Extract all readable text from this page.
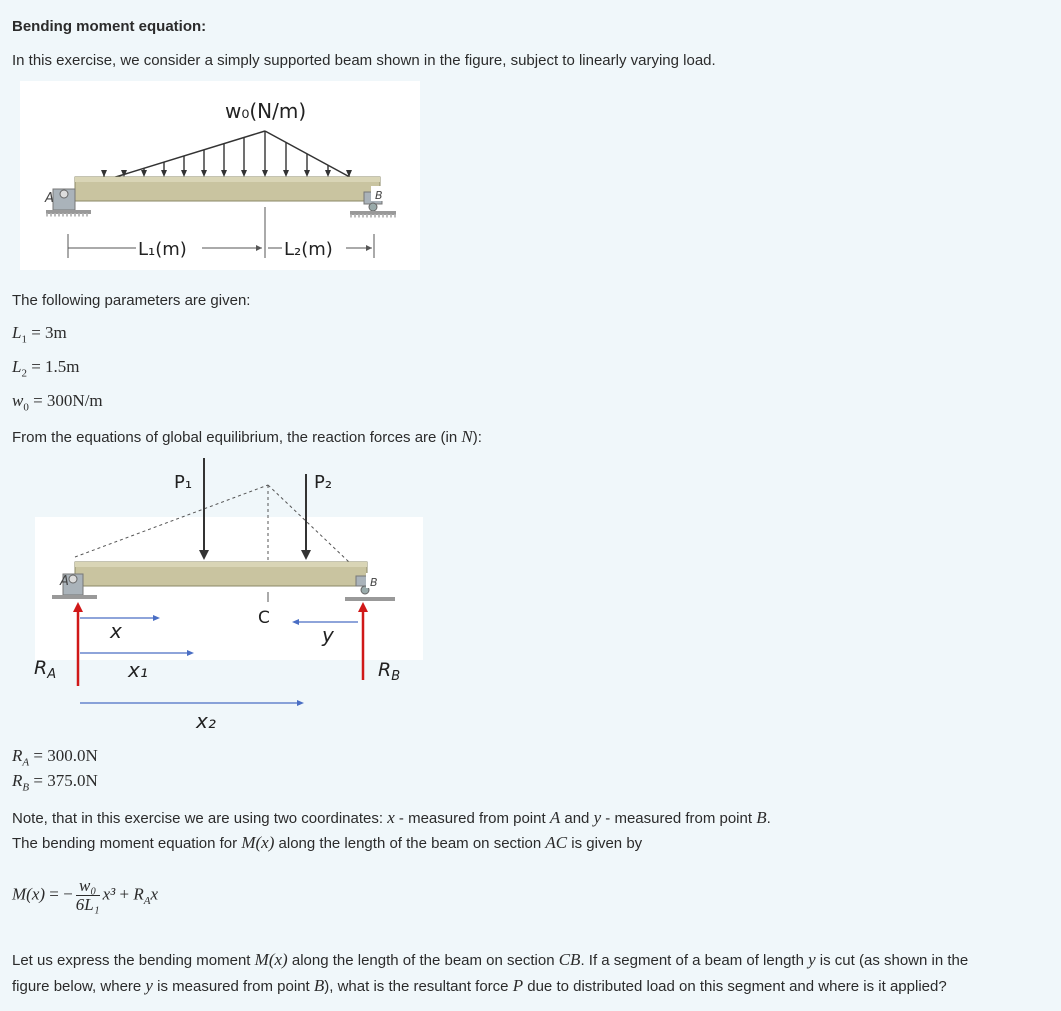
Bending moment equation:
In this exercise, we consider a simply supported beam shown in the figure, subject to linearly varying load.
A	B
w₀(N/m)
L₁(m)	L₂(m)
The following parameters are given:
$L_1 = 3m$
$L_2 = 1.5m$
$w_0 = 300N/m$
From the equations of global equilibrium, the reaction forces are (in N):
P₁	P₂
A	B
C
$R_A$	$R_B$
x	y
x₁
x₂
$R_A = 300.0N$
$R_B = 375.0N$
Note, that in this exercise we are using two coordinates: x - measured from point A and y - measured from point B.
The bending moment equation for M(x) along the length of the beam on section AC is given by
M(x) = − $\frac{\text{w₀}}{\text{6L₁}} x^3 + R_Ax$
Let us express the bending moment M(x) along the length of the beam on section CB. If a segment of a beam of length y is cut (as shown in the
figure below, where y is measured from point B), what is the resultant force P due to distributed load on this segment and where is it applied?
